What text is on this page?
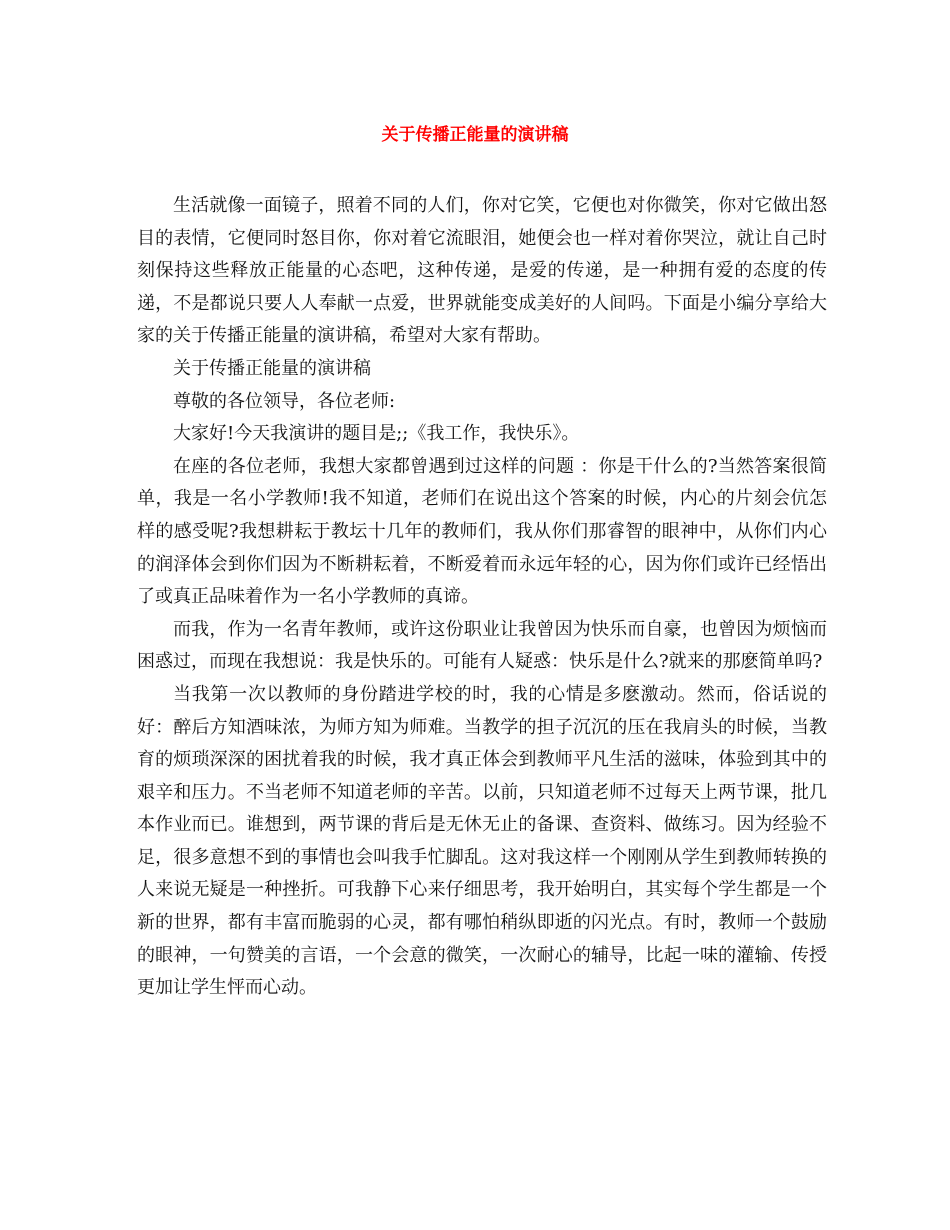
关于传播正能量的演讲稿

生活就像一面镜子，照着不同的人们，你对它笑，它便也对你微笑，你对它做出怒目的表情，它便同时怒目你，你对着它流眼泪，她便会也一样对着你哭泣，就让自己时刻保持这些释放正能量的心态吧，这种传递，是爱的传递，是一种拥有爱的态度的传递，不是都说只要人人奉献一点爱，世界就能变成美好的人间吗。下面是小编分享给大家的关于传播正能量的演讲稿，希望对大家有帮助。

关于传播正能量的演讲稿

尊敬的各位领导，各位老师:

大家好!今天我演讲的题目是;;《我工作，我快乐》。

在座的各位老师，我想大家都曾遇到过这样的问题 ：你是干什么的?当然答案很简单，我是一名小学教师!我不知道，老师们在说出这个答案的时候，内心的片刻会伉怎样的感受呢?我想耕耘于教坛十几年的教师们，我从你们那睿智的眼神中，从你们内心的润泽体会到你们因为不断耕耘着，不断爱着而永远年轻的心，因为你们或许已经悟出了或真正品味着作为一名小学教师的真谛。

而我，作为一名青年教师，或许这份职业让我曾因为快乐而自豪，也曾因为烦恼而困惑过，而现在我想说：我是快乐的。可能有人疑惑：快乐是什么?就来的那麽简单吗?

当我第一次以教师的身份踏进学校的时，我的心情是多麽激动。然而，俗话说的好：醉后方知酒味浓，为师方知为师难。当教学的担子沉沉的压在我肩头的时候，当教育的烦琐深深的困扰着我的时候，我才真正体会到教师平凡生活的滋味，体验到其中的艰辛和压力。不当老师不知道老师的辛苦。以前，只知道老师不过每天上两节课，批几本作业而已。谁想到，两节课的背后是无休无止的备课、查资料、做练习。因为经验不足，很多意想不到的事情也会叫我手忙脚乱。这对我这样一个刚刚从学生到教师转换的人来说无疑是一种挫折。可我静下心来仔细思考，我开始明白，其实每个学生都是一个新的世界，都有丰富而脆弱的心灵，都有哪怕稍纵即逝的闪光点。有时，教师一个鼓励的眼神，一句赞美的言语，一个会意的微笑，一次耐心的辅导，比起一味的灌输、传授更加让学生怦而心动。
